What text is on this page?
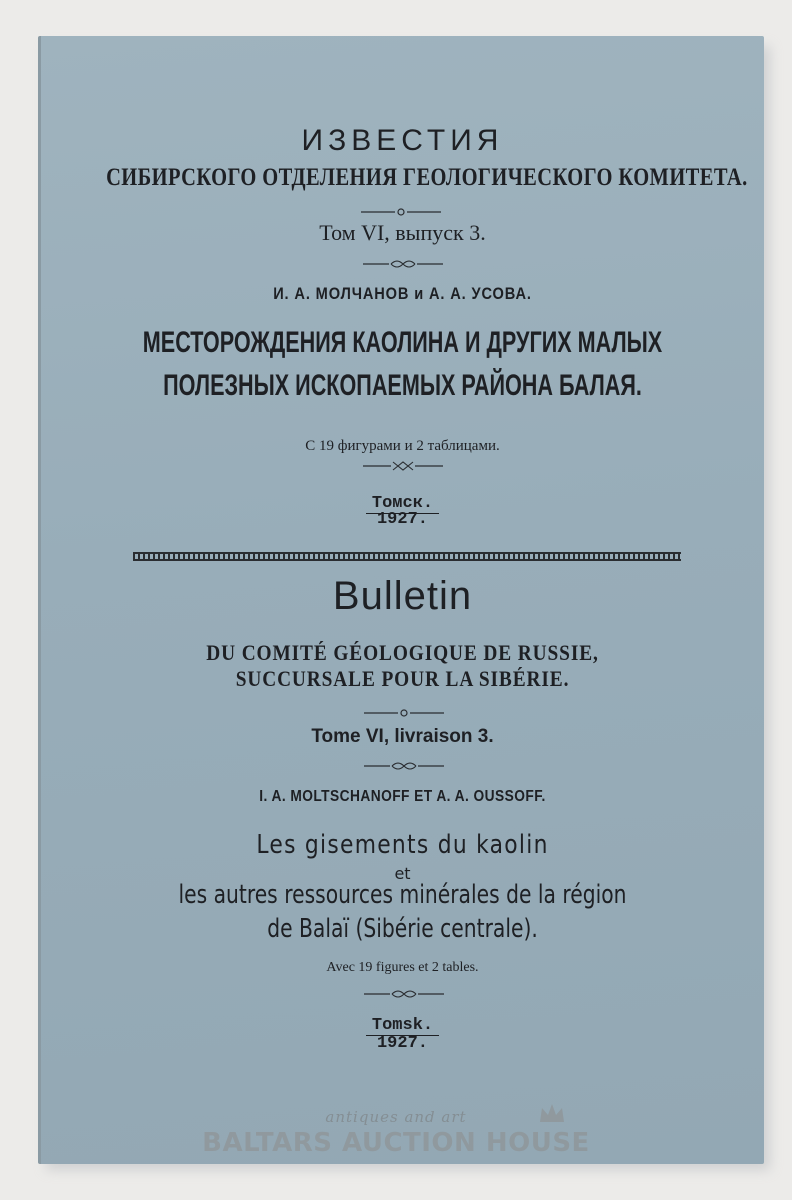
ИЗВЕСТИЯ
СИБИРСКОГО ОТДЕЛЕНИЯ ГЕОЛОГИЧЕСКОГО КОМИТЕТА.
Том VI, выпуск 3.
И. А. МОЛЧАНОВ и А. А. УСОВА.
МЕСТОРОЖДЕНИЯ КАОЛИНА И ДРУГИХ МАЛЫХ
ПОЛЕЗНЫХ ИСКОПАЕМЫХ РАЙОНА БАЛАЯ.
С 19 фигурами и 2 таблицами.
Томск.
1927.
Bulletin
DU COMITÉ GÉOLOGIQUE DE RUSSIE,
SUCCURSALE POUR LA SIBÉRIE.
Tome VI, livraison 3.
I. A. MOLTSCHANOFF ET A. A. OUSSOFF.
Les gisements du kaolin
et
les autres ressources minérales de la région
de Balaï (Sibérie centrale).
Avec 19 figures et 2 tables.
Tomsk.
1927.
antiques and art
BALTARS AUCTION HOUSE
